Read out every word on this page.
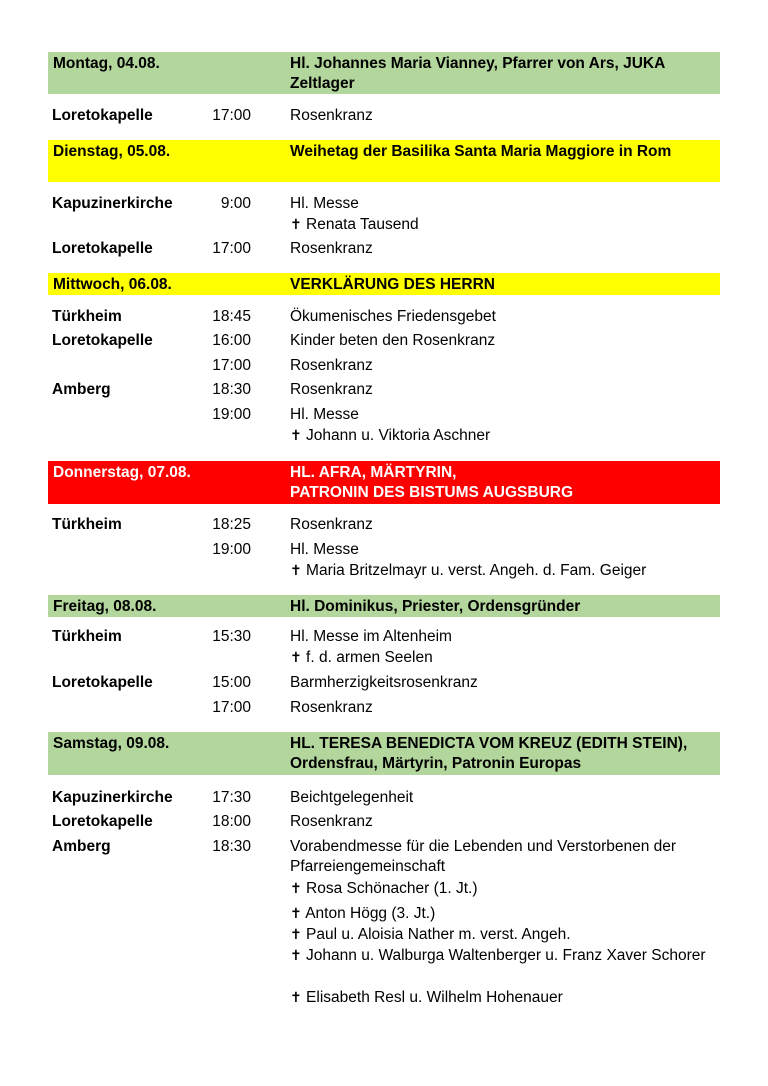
Montag, 04.08.	Hl. Johannes Maria Vianney, Pfarrer von Ars, JUKA Zeltlager
Loretokapelle	17:00	Rosenkranz
Dienstag, 05.08.	Weihetag der Basilika Santa Maria Maggiore in Rom
Kapuzinerkirche	9:00	Hl. Messe
✝ Renata Tausend
Loretokapelle	17:00	Rosenkranz
Mittwoch, 06.08.	VERKLÄRUNG DES HERRN
Türkheim	18:45	Ökumenisches Friedensgebet
Loretokapelle	16:00	Kinder beten den Rosenkranz
17:00	Rosenkranz
Amberg	18:30	Rosenkranz
19:00	Hl. Messe
✝ Johann u. Viktoria Aschner
Donnerstag, 07.08.	HL. AFRA, MÄRTYRIN,
PATRONIN DES BISTUMS AUGSBURG
Türkheim	18:25	Rosenkranz
19:00	Hl. Messe
✝ Maria Britzelmayr u. verst. Angeh. d. Fam. Geiger
Freitag, 08.08.	Hl. Dominikus, Priester, Ordensgründer
Türkheim	15:30	Hl. Messe im Altenheim
✝ f. d. armen Seelen
Loretokapelle	15:00	Barmherzigkeitsrosenkranz
17:00	Rosenkranz
Samstag, 09.08.	HL. TERESA BENEDICTA VOM KREUZ (EDITH STEIN), Ordensfrau, Märtyrin, Patronin Europas
Kapuzinerkirche	17:30	Beichtgelegenheit
Loretokapelle	18:00	Rosenkranz
Amberg	18:30	Vorabendmesse für die Lebenden und Verstorbenen der Pfarreiengemeinschaft
✝ Rosa Schönacher (1. Jt.)
✝ Anton Högg (3. Jt.)
✝ Paul u. Aloisia Nather m. verst. Angeh.
✝ Johann u. Walburga Waltenberger u. Franz Xaver Schorer
✝ Elisabeth Resl u. Wilhelm Hohenauer
